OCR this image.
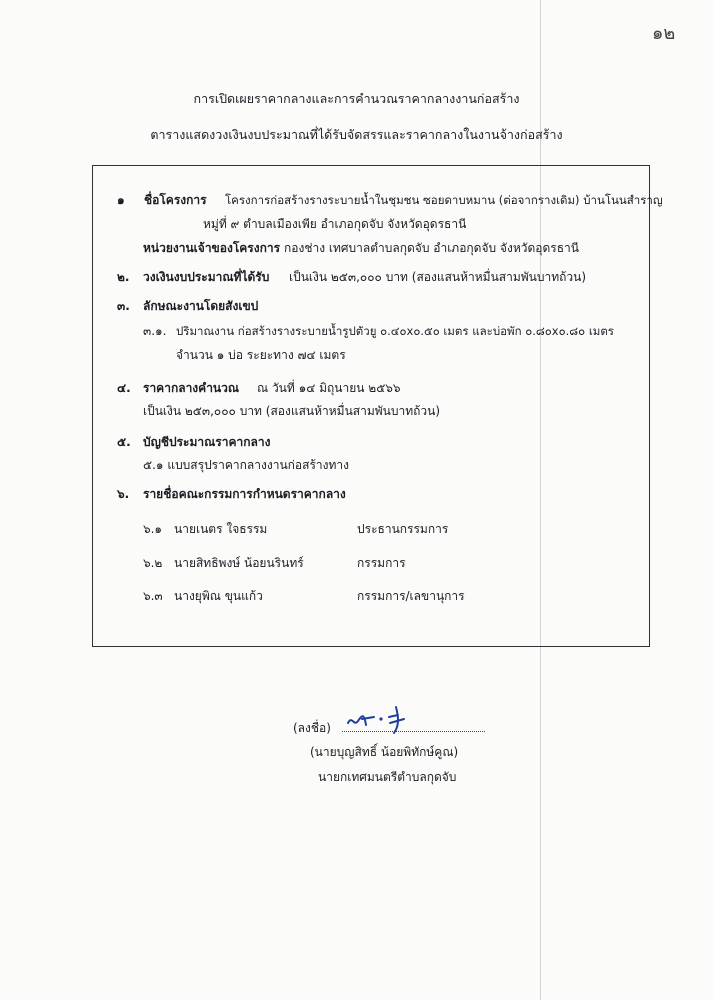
๑๒
การเปิดเผยราคากลางและการคำนวณราคากลางงานก่อสร้าง
ตารางแสดงวงเงินงบประมาณที่ได้รับจัดสรรและราคากลางในงานจ้างก่อสร้าง
๑ ชื่อโครงการ โครงการก่อสร้างรางระบายน้ำในชุมชน ซอยดาบหมาน (ต่อจากรางเดิม) บ้านโนนสำราญ
หมู่ที่ ๙ ตำบลเมืองเพีย อำเภอกุดจับ จังหวัดอุดรธานี
หน่วยงานเจ้าของโครงการ กองช่าง เทศบาลตำบลกุดจับ อำเภอกุดจับ จังหวัดอุดรธานี
๒. วงเงินงบประมาณที่ได้รับ เป็นเงิน ๒๕๓,๐๐๐ บาท (สองแสนห้าหมื่นสามพันบาทถ้วน)
๓. ลักษณะงานโดยสังเขป
๓.๑. ปริมาณงาน ก่อสร้างรางระบายน้ำรูปตัวยู ๐.๔๐x๐.๕๐ เมตร และบ่อพัก ๐.๘๐x๐.๘๐ เมตร
จำนวน ๑ บ่อ ระยะทาง ๗๔ เมตร
๔. ราคากลางคำนวณ ณ วันที่ ๑๔ มิถุนายน ๒๕๖๖
เป็นเงิน ๒๕๓,๐๐๐ บาท (สองแสนห้าหมื่นสามพันบาทถ้วน)
๕. บัญชีประมาณราคากลาง
๕.๑ แบบสรุปราคากลางงานก่อสร้างทาง
๖. รายชื่อคณะกรรมการกำหนดราคากลาง
๖.๑ นายเนตร ใจธรรม	ประธานกรรมการ
๖.๒ นายสิทธิพงษ์ น้อยนรินทร์	กรรมการ
๖.๓ นางยุพิณ ขุนแก้ว	กรรมการ/เลขานุการ
(ลงชื่อ)
(นายบุญสิทธิ์ น้อยพิทักษ์คูณ)
นายกเทศมนตรีตำบลกุดจับ
